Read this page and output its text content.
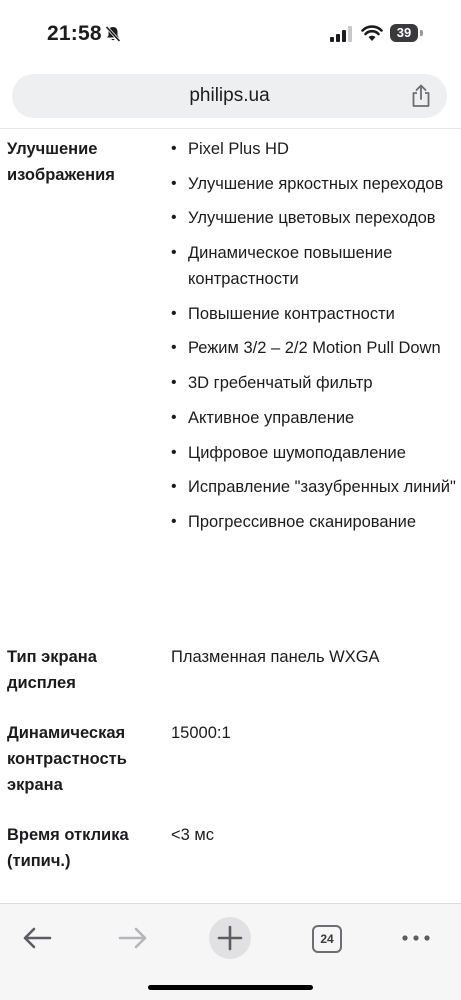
21:58	39
philips.ua
Улучшение изображения
• Pixel Plus HD
• Улучшение яркостных переходов
• Улучшение цветовых переходов
• Динамическое повышение контрастности
• Повышение контрастности
• Режим 3/2 – 2/2 Motion Pull Down
• 3D гребенчатый фильтр
• Активное управление
• Цифровое шумоподавление
• Исправление "зазубренных линий"
• Прогрессивное сканирование
Тип экрана дисплея
Плазменная панель WXGA
Динамическая контрастность экрана
15000:1
Время отклика (типич.)
<3 мс
24
